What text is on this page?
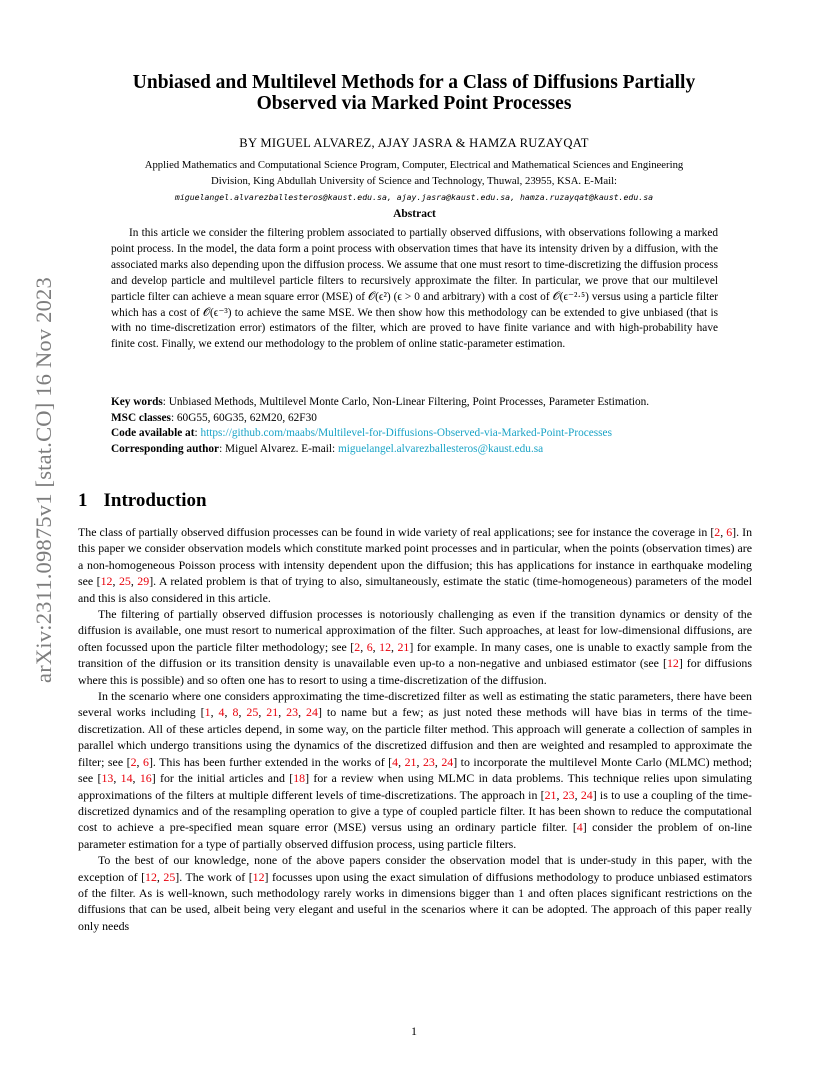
arXiv:2311.09875v1 [stat.CO] 16 Nov 2023
Unbiased and Multilevel Methods for a Class of Diffusions Partially
Observed via Marked Point Processes
BY MIGUEL ALVAREZ, AJAY JASRA & HAMZA RUZAYQAT
Applied Mathematics and Computational Science Program, Computer, Electrical and Mathematical Sciences and Engineering
Division, King Abdullah University of Science and Technology, Thuwal, 23955, KSA. E-Mail:
miguelangel.alvarezballesteros@kaust.edu.sa, ajay.jasra@kaust.edu.sa, hamza.ruzayqat@kaust.edu.sa
Abstract

In this article we consider the filtering problem associated to partially observed diffusions, with observations following a marked point process. In the model, the data form a point process with observation times that have its intensity driven by a diffusion, with the associated marks also depending upon the diffusion process. We assume that one must resort to time-discretizing the diffusion process and develop particle and multilevel particle filters to recursively approximate the filter. In particular, we prove that our multilevel particle filter can achieve a mean square error (MSE) of 𝒪(ϵ²) (ϵ > 0 and arbitrary) with a cost of 𝒪(ϵ⁻²·⁵) versus using a particle filter which has a cost of 𝒪(ϵ⁻³) to achieve the same MSE. We then show how this methodology can be extended to give unbiased (that is with no time-discretization error) estimators of the filter, which are proved to have finite variance and with high-probability have finite cost. Finally, we extend our methodology to the problem of online static-parameter estimation.

Key words: Unbiased Methods, Multilevel Monte Carlo, Non-Linear Filtering, Point Processes, Parameter Estimation.

MSC classes: 60G55, 60G35, 62M20, 62F30

Code available at: https://github.com/maabs/Multilevel-for-Diffusions-Observed-via-Marked-Point-Processes

Corresponding author: Miguel Alvarez. E-mail: miguelangel.alvarezballesteros@kaust.edu.sa

1 Introduction

The class of partially observed diffusion processes can be found in wide variety of real applications; see for instance the coverage in [2, 6]. In this paper we consider observation models which constitute marked point processes and in particular, when the points (observation times) are a non-homogeneous Poisson process with intensity dependent upon the diffusion; this has applications for instance in earthquake modeling see [12, 25, 29]. A related problem is that of trying to also, simultaneously, estimate the static (time-homogeneous) parameters of the model and this is also considered in this article.

The filtering of partially observed diffusion processes is notoriously challenging as even if the transition dynamics or density of the diffusion is available, one must resort to numerical approximation of the filter. Such approaches, at least for low-dimensional diffusions, are often focussed upon the particle filter methodology; see [2, 6, 12, 21] for example. In many cases, one is unable to exactly sample from the transition of the diffusion or its transition density is unavailable even up-to a non-negative and unbiased estimator (see [12] for diffusions where this is possible) and so often one has to resort to using a time-discretization of the diffusion.

In the scenario where one considers approximating the time-discretized filter as well as estimating the static parameters, there have been several works including [1, 4, 8, 25, 21, 23, 24] to name but a few; as just noted these methods will have bias in terms of the time-discretization. All of these articles depend, in some way, on the particle filter method. This approach will generate a collection of samples in parallel which undergo transitions using the dynamics of the discretized diffusion and then are weighted and resampled to approximate the filter; see [2, 6]. This has been further extended in the works of [4, 21, 23, 24] to incorporate the multilevel Monte Carlo (MLMC) method; see [13, 14, 16] for the initial articles and [18] for a review when using MLMC in data problems. This technique relies upon simulating approximations of the filters at multiple different levels of time-discretizations. The approach in [21, 23, 24] is to use a coupling of the time-discretized dynamics and of the resampling operation to give a type of coupled particle filter. It has been shown to reduce the computational cost to achieve a pre-specified mean square error (MSE) versus using an ordinary particle filter. [4] consider the problem of on-line parameter estimation for a type of partially observed diffusion process, using particle filters.

To the best of our knowledge, none of the above papers consider the observation model that is under-study in this paper, with the exception of [12, 25]. The work of [12] focusses upon using the exact simulation of diffusions methodology to produce unbiased estimators of the filter. As is well-known, such methodology rarely works in dimensions bigger than 1 and often places significant restrictions on the diffusions that can be used, albeit being very elegant and useful in the scenarios where it can be adopted. The approach of this paper really only needs

1
